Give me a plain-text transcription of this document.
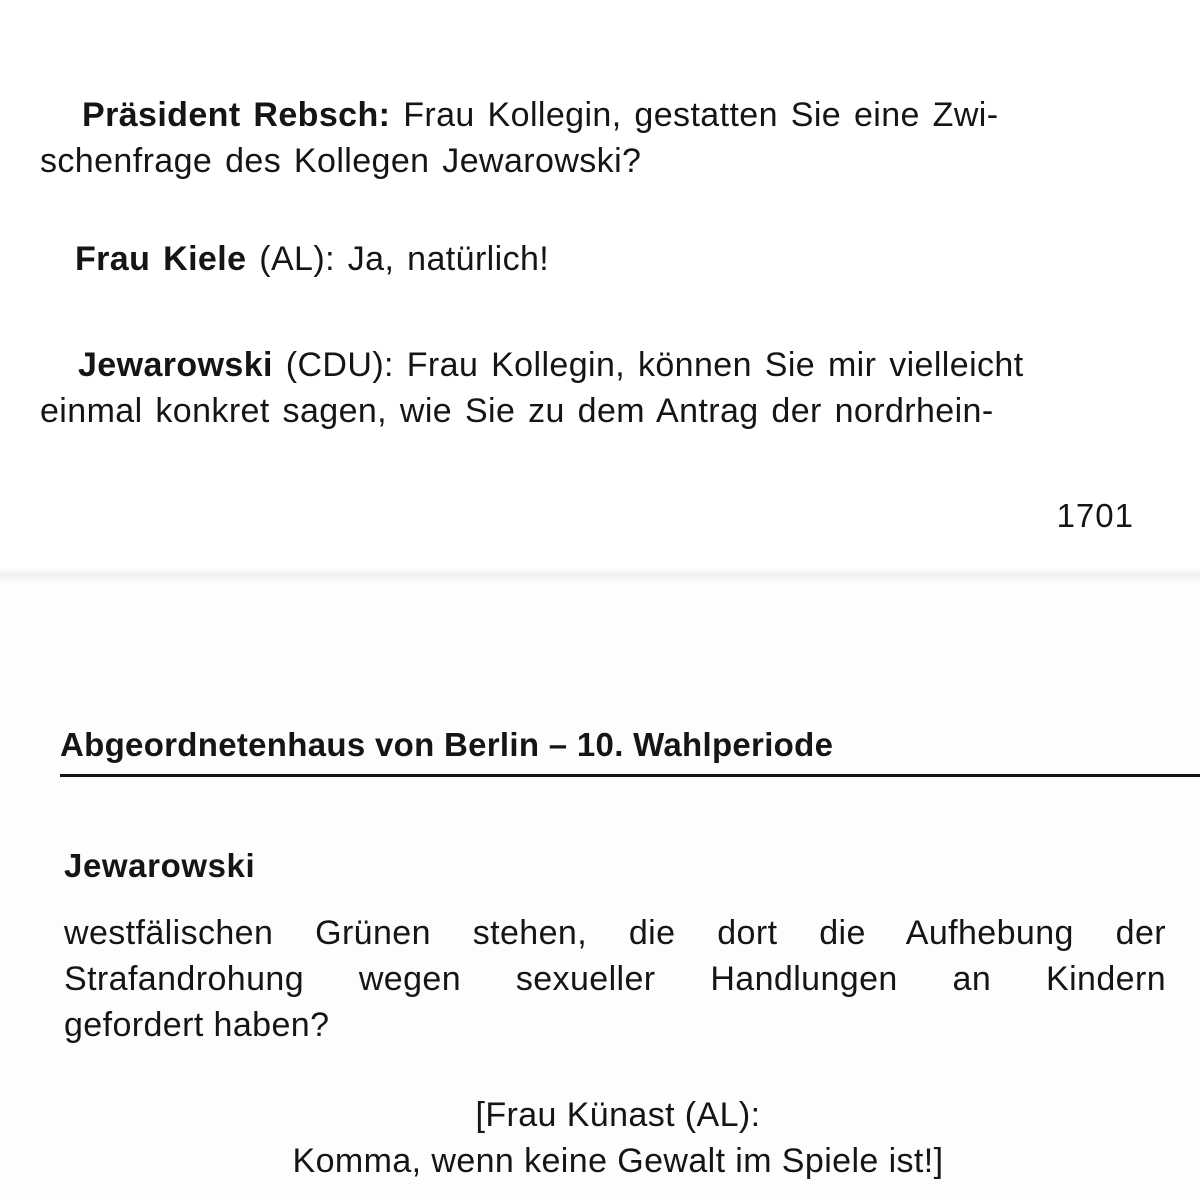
Präsident Rebsch: Frau Kollegin, gestatten Sie eine Zwi-
schenfrage des Kollegen Jewarowski?

Frau Kiele (AL): Ja, natürlich!

Jewarowski (CDU): Frau Kollegin, können Sie mir vielleicht
einmal konkret sagen, wie Sie zu dem Antrag der nordrhein-

1701
Abgeordnetenhaus von Berlin – 10. Wahlperiode
Jewarowski

westfälischen Grünen stehen, die dort die Aufhebung der
Strafandrohung wegen sexueller Handlungen an Kindern
gefordert haben?

[Frau Künast (AL):
Komma, wenn keine Gewalt im Spiele ist!]
